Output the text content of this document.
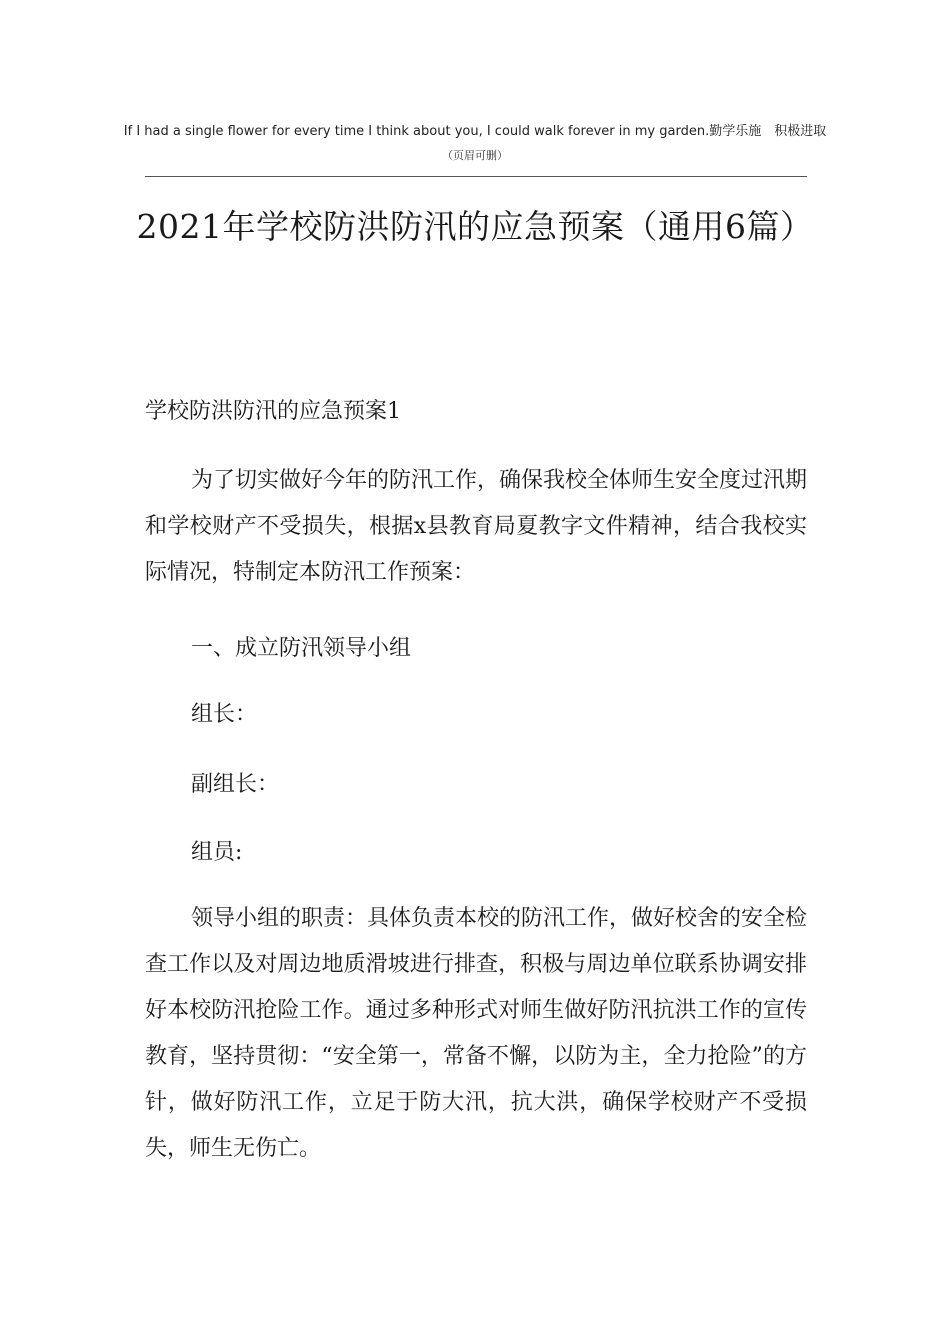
If I had a single flower for every time I think about you, I could walk forever in my garden.勤学乐施　积极进取
（页眉可删）
2021年学校防洪防汛的应急预案（通用6篇）
学校防洪防汛的应急预案1
为了切实做好今年的防汛工作，确保我校全体师生安全度过汛期和学校财产不受损失，根据x县教育局夏教字文件精神，结合我校实际情况，特制定本防汛工作预案：
一、成立防汛领导小组
组长：
副组长：
组员:
领导小组的职责：具体负责本校的防汛工作，做好校舍的安全检查工作以及对周边地质滑坡进行排查，积极与周边单位联系协调安排好本校防汛抢险工作。通过多种形式对师生做好防汛抗洪工作的宣传教育，坚持贯彻：“安全第一，常备不懈，以防为主，全力抢险”的方针，做好防汛工作，立足于防大汛，抗大洪，确保学校财产不受损失，师生无伤亡。
